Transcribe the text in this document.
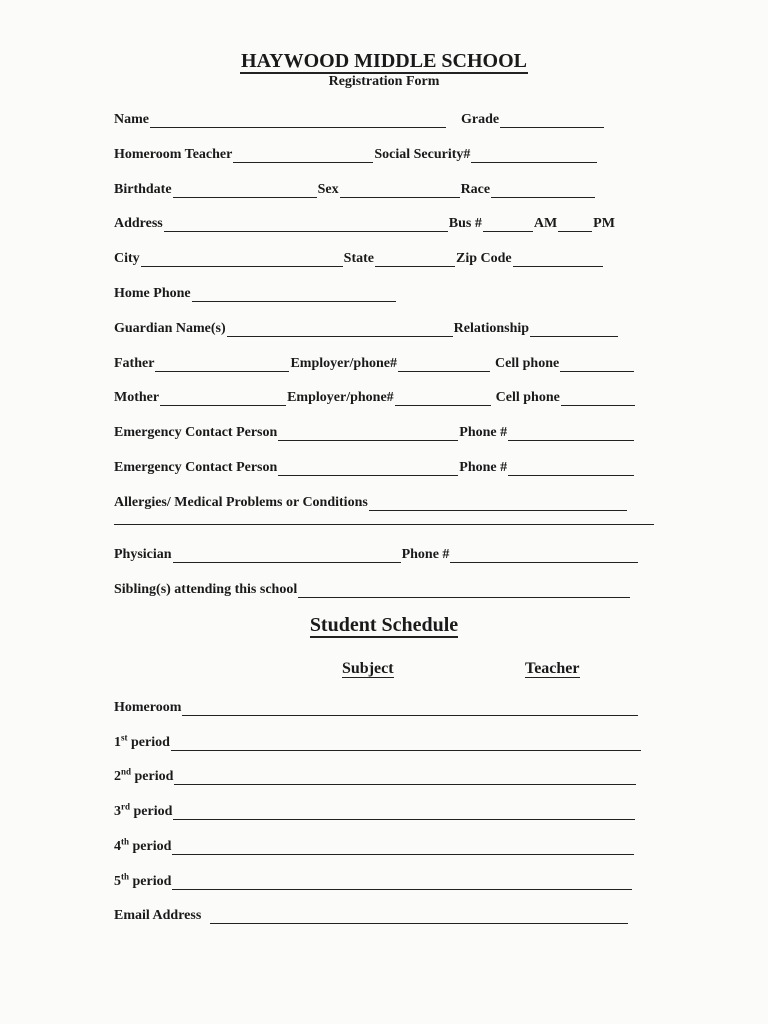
HAYWOOD MIDDLE SCHOOL
Registration Form
Name	Grade
Homeroom Teacher	Social Security#
Birthdate	Sex	Race
Address	Bus #	AM	PM
City	State	Zip Code
Home Phone
Guardian Name(s)	Relationship
Father	Employer/phone#	Cell phone
Mother	Employer/phone#	Cell phone
Emergency Contact Person	Phone #
Emergency Contact Person	Phone #
Allergies/ Medical Problems or Conditions
Physician	Phone #
Sibling(s) attending this school
Student Schedule
Subject	Teacher
Homeroom
1st period
2nd period
3rd period
4th period
5th period
Email Address
